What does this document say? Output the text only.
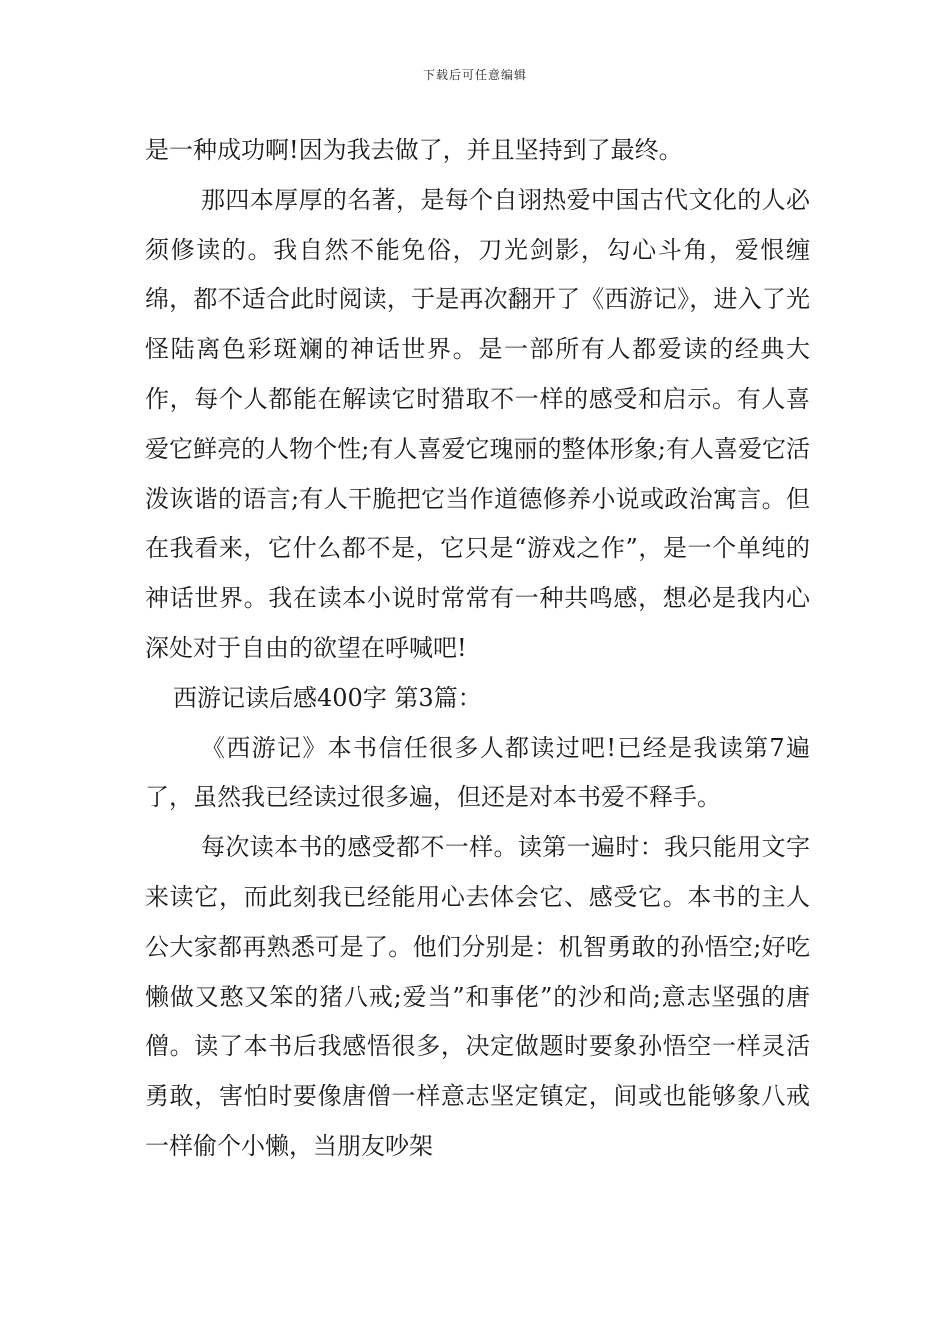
下载后可任意编辑

是一种成功啊!因为我去做了，并且坚持到了最终。

那四本厚厚的名著，是每个自诩热爱中国古代文化的人必须修读的。我自然不能免俗，刀光剑影，勾心斗角，爱恨缠绵，都不适合此时阅读，于是再次翻开了《西游记》，进入了光怪陆离色彩斑斓的神话世界。是一部所有人都爱读的经典大作，每个人都能在解读它时猎取不一样的感受和启示。有人喜爱它鲜亮的人物个性;有人喜爱它瑰丽的整体形象;有人喜爱它活泼诙谐的语言;有人干脆把它当作道德修养小说或政治寓言。但在我看来，它什么都不是，它只是“游戏之作”，是一个单纯的神话世界。我在读本小说时常常有一种共鸣感，想必是我内心深处对于自由的欲望在呼喊吧!

西游记读后感400字 第3篇：

《西游记》本书信任很多人都读过吧!已经是我读第7遍了，虽然我已经读过很多遍，但还是对本书爱不释手。

每次读本书的感受都不一样。读第一遍时：我只能用文字来读它，而此刻我已经能用心去体会它、感受它。本书的主人公大家都再熟悉可是了。他们分别是：机智勇敢的孙悟空;好吃懒做又憨又笨的猪八戒;爱当”和事佬”的沙和尚;意志坚强的唐僧。读了本书后我感悟很多，决定做题时要象孙悟空一样灵活勇敢，害怕时要像唐僧一样意志坚定镇定，间或也能够象八戒一样偷个小懒，当朋友吵架
